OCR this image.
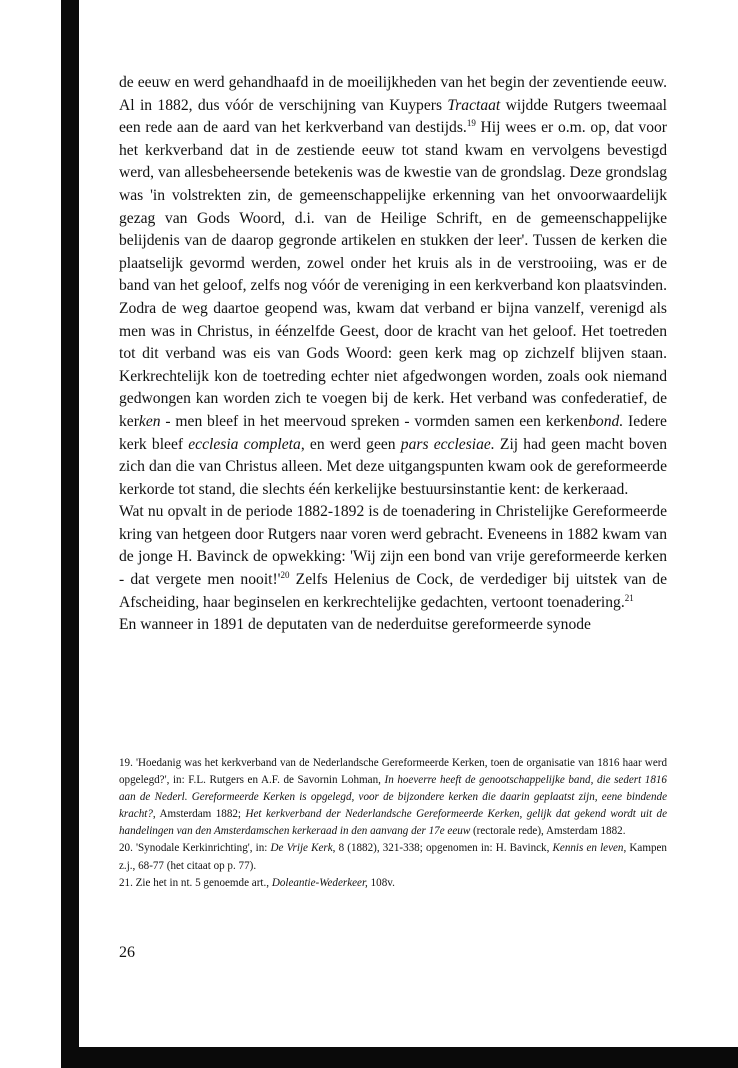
de eeuw en werd gehandhaafd in de moeilijkheden van het begin der zeventiende eeuw. Al in 1882, dus vóór de verschijning van Kuypers Tractaat wijdde Rutgers tweemaal een rede aan de aard van het kerkverband van destijds.$^{19}$ Hij wees er o.m. op, dat voor het kerkverband dat in de zestiende eeuw tot stand kwam en vervolgens bevestigd werd, van allesbeheersende betekenis was de kwestie van de grondslag. Deze grondslag was 'in volstrekten zin, de gemeenschappelijke erkenning van het onvoorwaardelijk gezag van Gods Woord, d.i. van de Heilige Schrift, en de gemeenschappelijke belijdenis van de daarop gegronde artikelen en stukken der leer'. Tussen de kerken die plaatselijk gevormd werden, zowel onder het kruis als in de verstrooiing, was er de band van het geloof, zelfs nog vóór de vereniging in een kerkverband kon plaatsvinden. Zodra de weg daartoe geopend was, kwam dat verband er bijna vanzelf, verenigd als men was in Christus, in éénzelfde Geest, door de kracht van het geloof. Het toetreden tot dit verband was eis van Gods Woord: geen kerk mag op zichzelf blijven staan. Kerkrechtelijk kon de toetreding echter niet afgedwongen worden, zoals ook niemand gedwongen kan worden zich te voegen bij de kerk. Het verband was confederatief, de kerken - men bleef in het meervoud spreken - vormden samen een kerkenbond. Iedere kerk bleef ecclesia completa, en werd geen pars ecclesiae. Zij had geen macht boven zich dan die van Christus alleen. Met deze uitgangspunten kwam ook de gereformeerde kerkorde tot stand, die slechts één kerkelijke bestuursinstantie kent: de kerkeraad.

Wat nu opvalt in de periode 1882-1892 is de toenadering in Christelijke Gereformeerde kring van hetgeen door Rutgers naar voren werd gebracht. Eveneens in 1882 kwam van de jonge H. Bavinck de opwekking: 'Wij zijn een bond van vrije gereformeerde kerken - dat vergete men $nooit!'^{20}$ Zelfs Helenius de Cock, de verdediger bij uitstek van de Afscheiding, haar beginselen en kerkrechtelijke gedachten, vertoont toenadering.$^{21}$

En wanneer in 1891 de deputaten van de nederduitse gereformeerde synode

19. 'Hoedanig was het kerkverband van de Nederlandsche Gereformeerde Kerken, toen de organisatie van 1816 haar werd opgelegd?', in: F.L. Rutgers en A.F. de Savornin Lohman, In hoeverre heeft de genootschappelijke band, die sedert 1816 aan de Nederl. Gereformeerde Kerken is opgelegd, voor de bijzondere kerken die daarin geplaatst zijn, eene bindende kracht?, Amsterdam 1882; Het kerkverband der Nederlandsche Gereformeerde Kerken, gelijk dat gekend wordt uit de handelingen van den Amsterdamschen kerkeraad in den aanvang der 17e eeuw (rectorale rede), Amsterdam 1882.

20. 'Synodale Kerkinrichting', in: De Vrije Kerk, 8 (1882), 321-338; opgenomen in: H. Bavinck, Kennis en leven, Kampen z.j., 68-77 (het citaat op p. 77).

21. Zie het in nt. 5 genoemde art., Doleantie-Wederkeer, 108v.

26
